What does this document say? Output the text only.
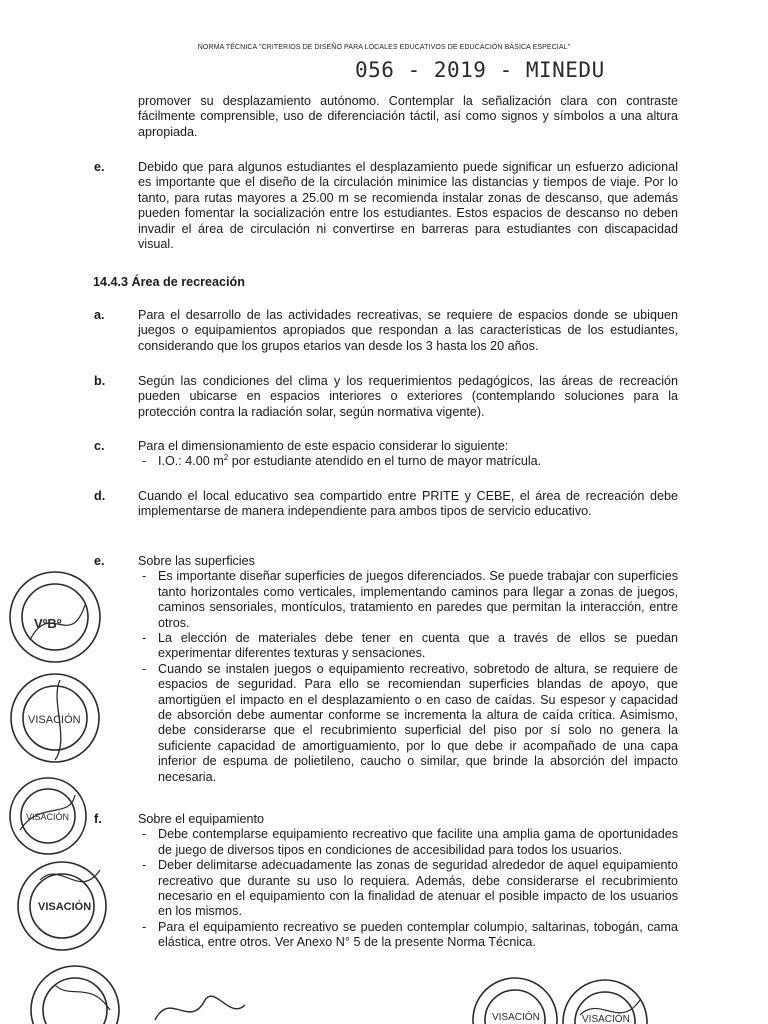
NORMA TÉCNICA "CRITERIOS DE DISEÑO PARA LOCALES EDUCATIVOS DE EDUCACIÓN BÁSICA ESPECIAL"
056 - 2019 - MINEDU
promover su desplazamiento autónomo. Contemplar la señalización clara con contraste fácilmente comprensible, uso de diferenciación táctil, así como signos y símbolos a una altura apropiada.
e.	Debido que para algunos estudiantes el desplazamiento puede significar un esfuerzo adicional es importante que el diseño de la circulación minimice las distancias y tiempos de viaje. Por lo tanto, para rutas mayores a 25.00 m se recomienda instalar zonas de descanso, que además pueden fomentar la socialización entre los estudiantes. Estos espacios de descanso no deben invadir el área de circulación ni convertirse en barreras para estudiantes con discapacidad visual.
14.4.3 Área de recreación
a.	Para el desarrollo de las actividades recreativas, se requiere de espacios donde se ubiquen juegos o equipamientos apropiados que respondan a las características de los estudiantes, considerando que los grupos etarios van desde los 3 hasta los 20 años.
b.	Según las condiciones del clima y los requerimientos pedagógicos, las áreas de recreación pueden ubicarse en espacios interiores o exteriores (contemplando soluciones para la protección contra la radiación solar, según normativa vigente).
c.	Para el dimensionamiento de este espacio considerar lo siguiente:
- I.O.: 4.00 $m^2$ por estudiante atendido en el turno de mayor matrícula.
d.	Cuando el local educativo sea compartido entre PRITE y CEBE, el área de recreación debe implementarse de manera independiente para ambos tipos de servicio educativo.
e.	Sobre las superficies
- Es importante diseñar superficies de juegos diferenciados. Se puede trabajar con superficies tanto horizontales como verticales, implementando caminos para llegar a zonas de juegos, caminos sensoriales, montículos, tratamiento en paredes que permitan la interacción, entre otros.
- La elección de materiales debe tener en cuenta que a través de ellos se puedan experimentar diferentes texturas y sensaciones.
- Cuando se instalen juegos o equipamiento recreativo, sobretodo de altura, se requiere de espacios de seguridad. Para ello se recomiendan superficies blandas de apoyo, que amortigüen el impacto en el desplazamiento o en caso de caídas. Su espesor y capacidad de absorción debe aumentar conforme se incrementa la altura de caída crítica. Asimismo, debe considerarse que el recubrimiento superficial del piso por sí solo no genera la suficiente capacidad de amortiguamiento, por lo que debe ir acompañado de una capa inferior de espuma de polietileno, caucho o similar, que brinde la absorción del impacto necesaria.
f.	Sobre el equipamiento
- Debe contemplarse equipamiento recreativo que facilite una amplia gama de oportunidades de juego de diversos tipos en condiciones de accesibilidad para todos los usuarios.
- Deber delimitarse adecuadamente las zonas de seguridad alrededor de aquel equipamiento recreativo que durante su uso lo requiera. Además, debe considerarse el recubrimiento necesario en el equipamiento con la finalidad de atenuar el posible impacto de los usuarios en los mismos.
- Para el equipamiento recreativo se pueden contemplar columpio, saltarinas, tobogán, cama elástica, entre otros. Ver Anexo N° 5 de la presente Norma Técnica.
VºBº
VISACIÓN
VISACIÓN
VISACIÓN
VISACIÓN	VISACIÓN
